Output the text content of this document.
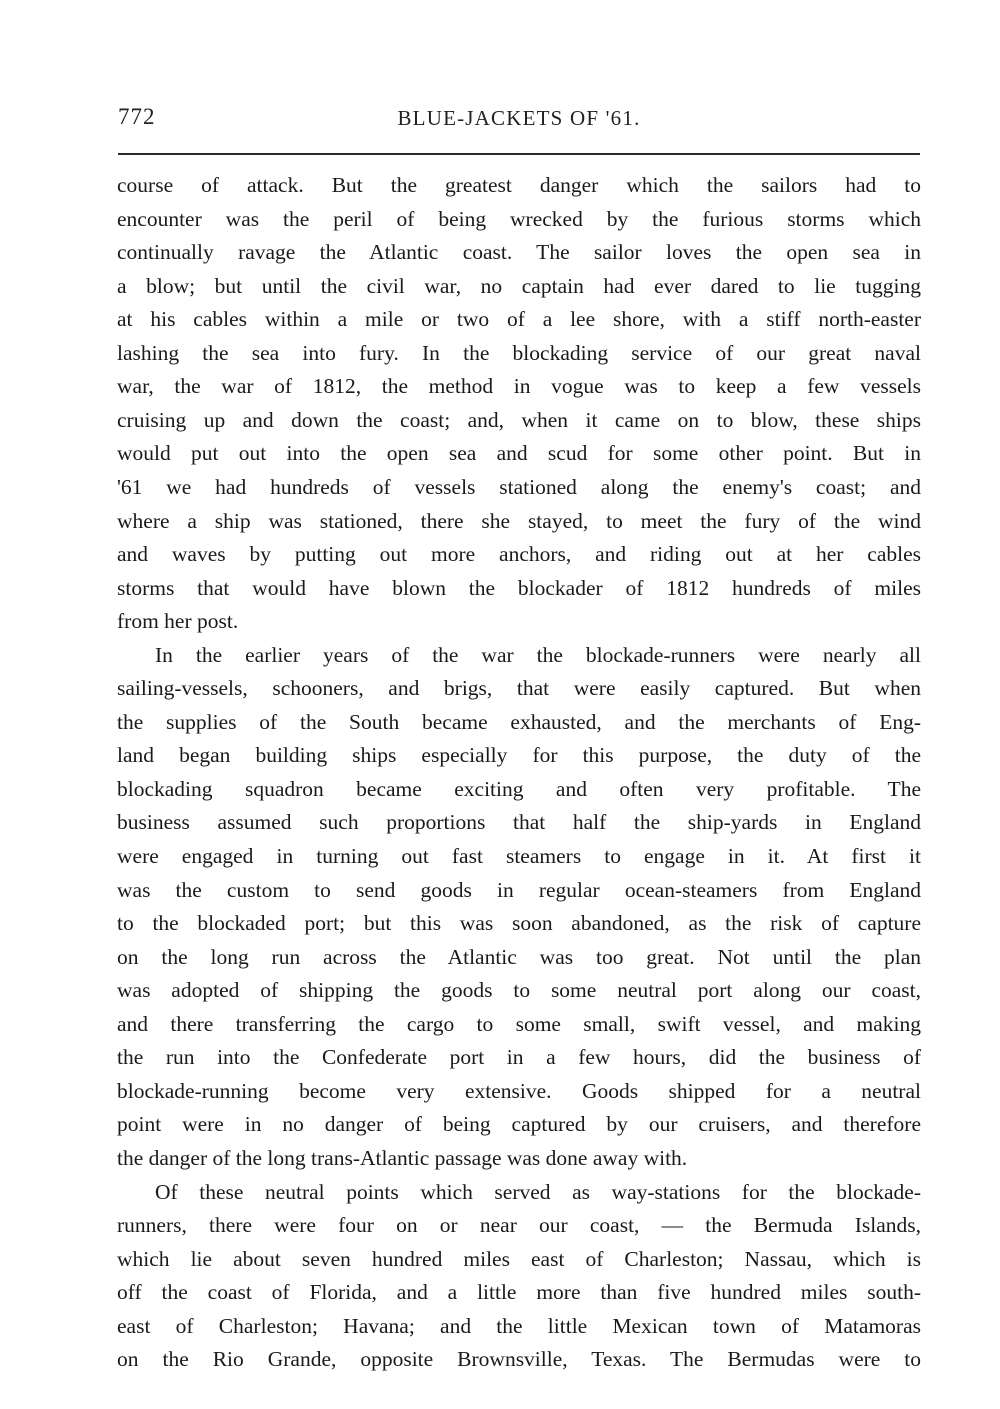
772	BLUE-JACKETS OF '61.
course of attack. But the greatest danger which the sailors had to
encounter was the peril of being wrecked by the furious storms which
continually ravage the Atlantic coast. The sailor loves the open sea in
a blow; but until the civil war, no captain had ever dared to lie tugging
at his cables within a mile or two of a lee shore, with a stiff north-easter
lashing the sea into fury. In the blockading service of our great naval
war, the war of 1812, the method in vogue was to keep a few vessels
cruising up and down the coast; and, when it came on to blow, these ships
would put out into the open sea and scud for some other point. But in
'61 we had hundreds of vessels stationed along the enemy's coast; and
where a ship was stationed, there she stayed, to meet the fury of the wind
and waves by putting out more anchors, and riding out at her cables
storms that would have blown the blockader of 1812 hundreds of miles
from her post.
In the earlier years of the war the blockade-runners were nearly all
sailing-vessels, schooners, and brigs, that were easily captured. But when
the supplies of the South became exhausted, and the merchants of Eng-
land began building ships especially for this purpose, the duty of the
blockading squadron became exciting and often very profitable. The
business assumed such proportions that half the ship-yards in England
were engaged in turning out fast steamers to engage in it. At first it
was the custom to send goods in regular ocean-steamers from England
to the blockaded port; but this was soon abandoned, as the risk of capture
on the long run across the Atlantic was too great. Not until the plan
was adopted of shipping the goods to some neutral port along our coast,
and there transferring the cargo to some small, swift vessel, and making
the run into the Confederate port in a few hours, did the business of
blockade-running become very extensive. Goods shipped for a neutral
point were in no danger of being captured by our cruisers, and therefore
the danger of the long trans-Atlantic passage was done away with.
Of these neutral points which served as way-stations for the blockade-
runners, there were four on or near our coast, — the Bermuda Islands,
which lie about seven hundred miles east of Charleston; Nassau, which is
off the coast of Florida, and a little more than five hundred miles south-
east of Charleston; Havana; and the little Mexican town of Matamoras
on the Rio Grande, opposite Brownsville, Texas. The Bermudas were to
